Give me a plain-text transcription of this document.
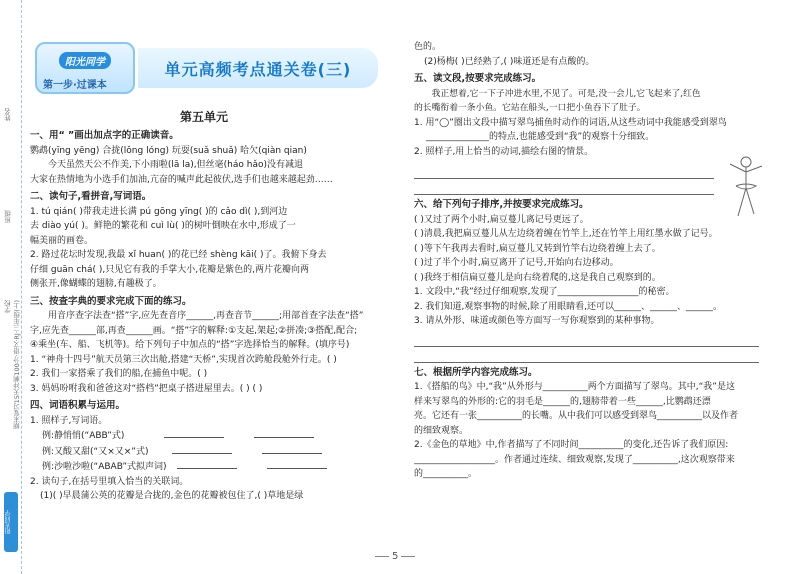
姓名
班级
学校 期末复习15天冲刺100分·语文·RJ·三年级(上)
阳光同学
阳光同学
第一步·过课本
单元高频考点通关卷(三)
第五单元
一、用“ ”画出加点字的正确读音。
鹦鹉(yīng yēng) 合拢(lǒng lóng) 玩耍(suǎ shuǎ) 哈欠(qiàn qian)
今天虽然天公不作美,下小雨啦(lā la),但丝毫(háo hǎo)没有减退
大家在热情地为小选手们加油,亢奋的喊声此起彼伏,选手们也越来越起劲……
二、读句子,看拼音,写词语。
1. tú qián( )带我走进长满 pú gōng yīng( )的 cǎo dì( ),到河边
去 diào yú( )。鲜艳的繁花和 cuì lù( )的树叶倒映在水中,形成了一
幅美丽的画卷。
2. 路过花坛时发现,我最 xǐ huan( )的花已经 shèng kāi( )了。我俯下身去
仔细 guān chá( ),只见它有我的手掌大小,花瓣是紫色的,两片花瓣向两
侧张开,像蝴蝶的翅膀,有趣极了。
三、按查字典的要求完成下面的练习。
用音序查字法查“搭”字,应先查音序______,再查音节______;用部首查字法查“搭”
字,应先查______部,再查______画。“搭”字的解释:①支起,架起;②拼凑;③搭配,配合;
④乘坐(车、船、飞机等)。给下列句子中加点的“搭”字选择恰当的解释。(填序号)
1. “神舟十四号”航天员第三次出舱,搭建“天桥”,实现首次跨舱段舱外行走。( )
2. 我们一家搭乘了我们的船,在捕鱼中呢。( )
3. 妈妈吩咐我和爸爸这对“搭档”把桌子搭进屋里去。( ) ( )
四、词语积累与运用。
1. 照样子,写词语。
例:静悄悄(“ABB”式)
例:又酸又甜(“又×又×”式)
例:沙啦沙啦(“ABAB”式拟声词)
2. 读句子,在括号里填入恰当的关联词。
(1)( )早晨蒲公英的花瓣是合拢的,金色的花瓣被包住了,( )草地是绿
色的。
(2)杨梅( )已经熟了,( )味道还是有点酸的。
五、读文段,按要求完成练习。
我正想着,它一下子冲进水里,不见了。可是,没一会儿,它飞起来了,红色
的长嘴衔着一条小鱼。它站在船头,一口把小鱼吞下了肚子。
1. 用“◯”圈出文段中描写翠鸟捕鱼时动作的词语,从这些动词中我能感受到翠鸟
______________的特点,也能感受到“我”的观察十分细致。
2. 照样子,用上恰当的动词,描绘右图的情景。
六、给下列句子排序,并按要求完成练习。
( )又过了两个小时,扁豆蔓儿离记号更远了。
( )清晨,我把扁豆蔓儿从左边绕着缠在竹竿上,还在竹竿上用红墨水做了记号。
( )等下午我再去看时,扁豆蔓儿又转到竹竿右边绕着缠上去了。
( )过了半个小时,扁豆离开了记号,开始向右边移动。
( )我终于相信扁豆蔓儿是向右绕着爬的,这是我自己观察到的。
1. 文段中,“我”经过仔细观察,发现了__________________的秘密。
2. 我们知道,观察事物的时候,除了用眼睛看,还可以______、______、______。
3. 请从外形、味道或颜色等方面写一写你观察到的某种事物。
七、根据所学内容完成练习。
1.《搭船的鸟》中,“我”从外形与__________两个方面描写了翠鸟。其中,“我”是这
样来写翠鸟的外形的:它的羽毛是______的,翅膀带着一些______,比鹦鹉还漂
亮。它还有一张__________的长嘴。从中我们可以感受到翠鸟__________以及作者
的细致观察。
2.《金色的草地》中,作者描写了不同时间__________的变化,还告诉了我们原因:
__________________。作者通过连续、细致观察,发现了__________,这次观察带来
的__________。
5
